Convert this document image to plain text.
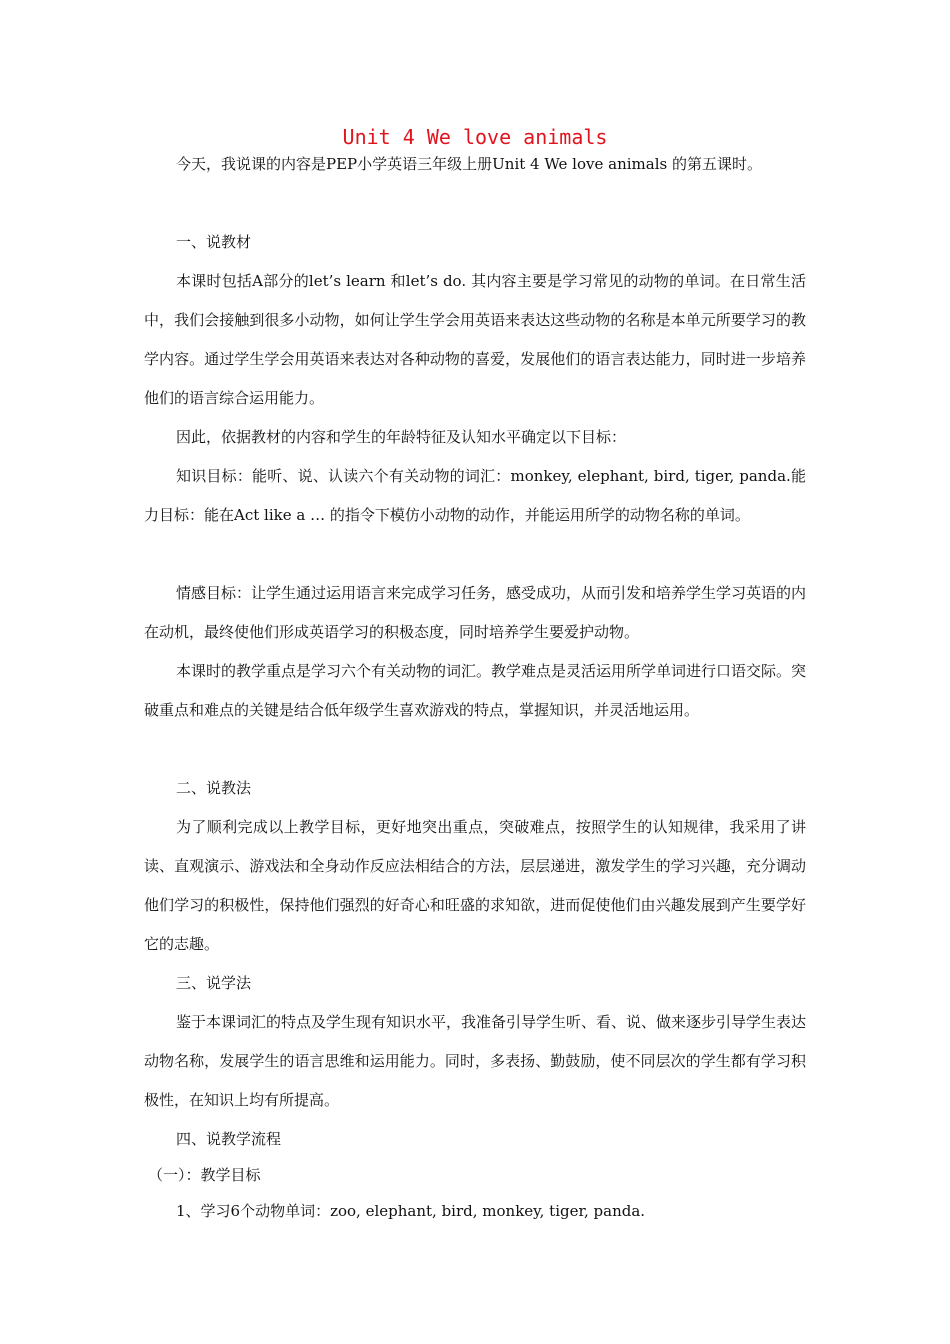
Unit 4 We love animals
今天，我说课的内容是PEP小学英语三年级上册Unit 4 We love animals 的第五课时。
一、说教材
本课时包括A部分的let’s learn 和let’s do. 其内容主要是学习常见的动物的单词。在日常生活中，我们会接触到很多小动物，如何让学生学会用英语来表达这些动物的名称是本单元所要学习的教学内容。通过学生学会用英语来表达对各种动物的喜爱，发展他们的语言表达能力，同时进一步培养他们的语言综合运用能力。
因此，依据教材的内容和学生的年龄特征及认知水平确定以下目标：
知识目标：能听、说、认读六个有关动物的词汇：monkey, elephant, bird, tiger, panda.能力目标：能在Act like a … 的指令下模仿小动物的动作，并能运用所学的动物名称的单词。
情感目标：让学生通过运用语言来完成学习任务，感受成功，从而引发和培养学生学习英语的内在动机，最终使他们形成英语学习的积极态度，同时培养学生要爱护动物。
本课时的教学重点是学习六个有关动物的词汇。教学难点是灵活运用所学单词进行口语交际。突破重点和难点的关键是结合低年级学生喜欢游戏的特点，掌握知识，并灵活地运用。
二、说教法
为了顺利完成以上教学目标，更好地突出重点，突破难点，按照学生的认知规律，我采用了讲读、直观演示、游戏法和全身动作反应法相结合的方法，层层递进，激发学生的学习兴趣，充分调动他们学习的积极性，保持他们强烈的好奇心和旺盛的求知欲，进而促使他们由兴趣发展到产生要学好它的志趣。
三、说学法
鉴于本课词汇的特点及学生现有知识水平，我准备引导学生听、看、说、做来逐步引导学生表达动物名称，发展学生的语言思维和运用能力。同时，多表扬、勤鼓励，使不同层次的学生都有学习积极性，在知识上均有所提高。
四、说教学流程
（一）：教学目标
1、学习6个动物单词：zoo, elephant, bird, monkey, tiger, panda.
